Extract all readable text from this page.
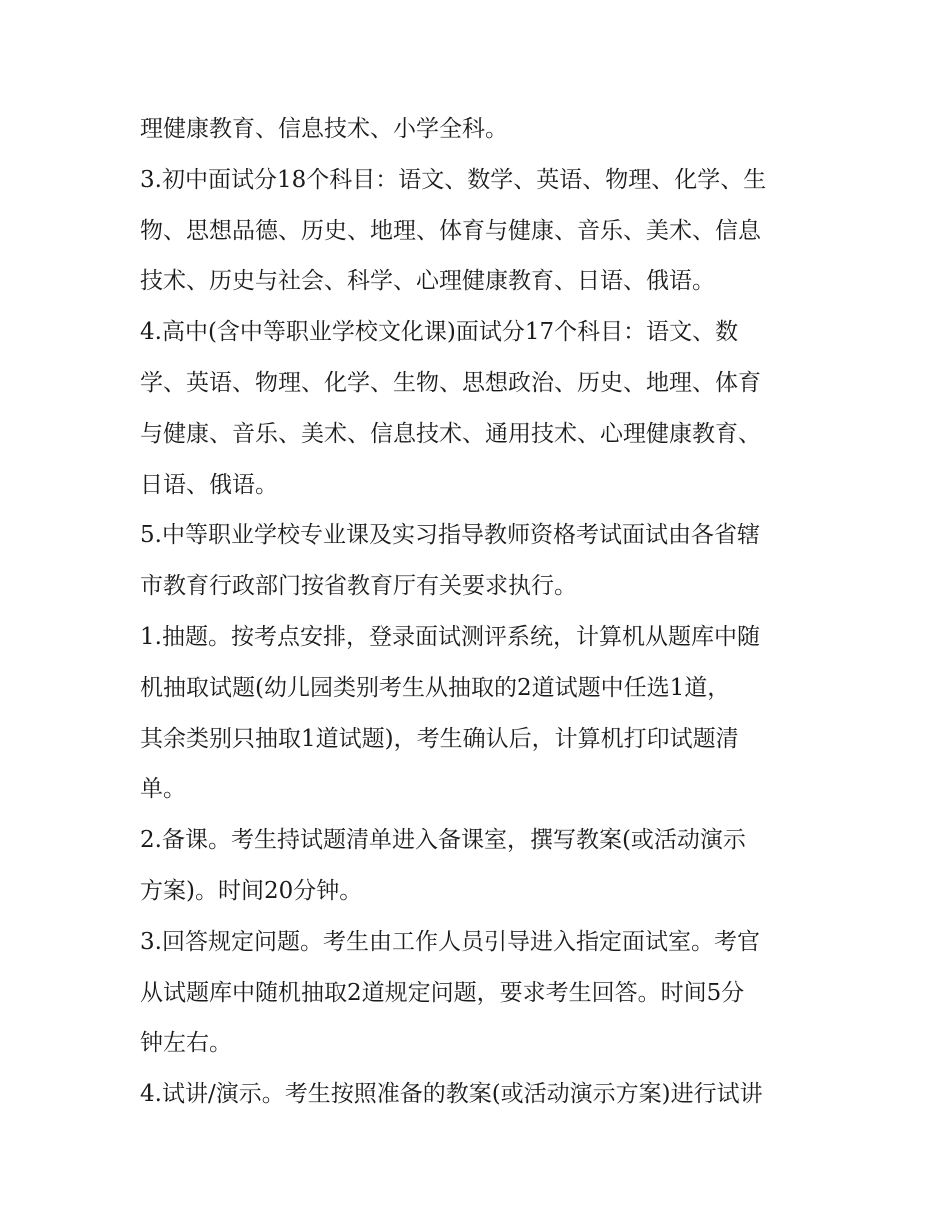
理健康教育、信息技术、小学全科。
3.初中面试分18个科目：语文、数学、英语、物理、化学、生
物、思想品德、历史、地理、体育与健康、音乐、美术、信息
技术、历史与社会、科学、心理健康教育、日语、俄语。
4.高中(含中等职业学校文化课)面试分17个科目：语文、数
学、英语、物理、化学、生物、思想政治、历史、地理、体育
与健康、音乐、美术、信息技术、通用技术、心理健康教育、
日语、俄语。
5.中等职业学校专业课及实习指导教师资格考试面试由各省辖
市教育行政部门按省教育厅有关要求执行。
1.抽题。按考点安排，登录面试测评系统，计算机从题库中随
机抽取试题(幼儿园类别考生从抽取的2道试题中任选1道，
其余类别只抽取1道试题)，考生确认后，计算机打印试题清
单。
2.备课。考生持试题清单进入备课室，撰写教案(或活动演示
方案)。时间20分钟。
3.回答规定问题。考生由工作人员引导进入指定面试室。考官
从试题库中随机抽取2道规定问题，要求考生回答。时间5分
钟左右。
4.试讲/演示。考生按照准备的教案(或活动演示方案)进行试讲
